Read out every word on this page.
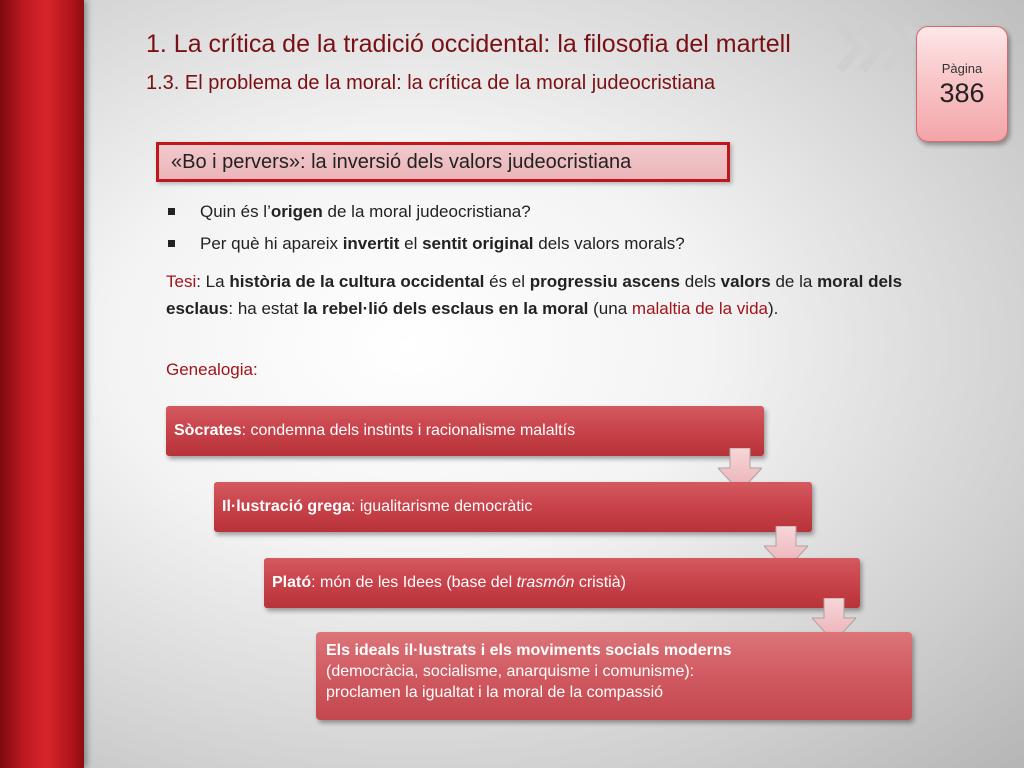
1. La crítica de la tradició occidental: la filosofia del martell
1.3. El problema de la moral: la crítica de la moral judeocristiana
Pàgina
386
«Bo i pervers»: la inversió dels valors judeocristiana
Quin és l’origen de la moral judeocristiana?
Per què hi apareix invertit el sentit original dels valors morals?
Tesi: La història de la cultura occidental és el progressiu ascens dels valors de la moral dels esclaus: ha estat la rebel·lió dels esclaus en la moral (una malaltia de la vida).
Genealogia:
Sòcrates: condemna dels instints i racionalisme malaltís
Il·lustració grega: igualitarisme democràtic
Plató: món de les Idees (base del trasmón cristià)
Els ideals il·lustrats i els moviments socials moderns
(democràcia, socialisme, anarquisme i comunisme):
proclamen la igualtat i la moral de la compassió
